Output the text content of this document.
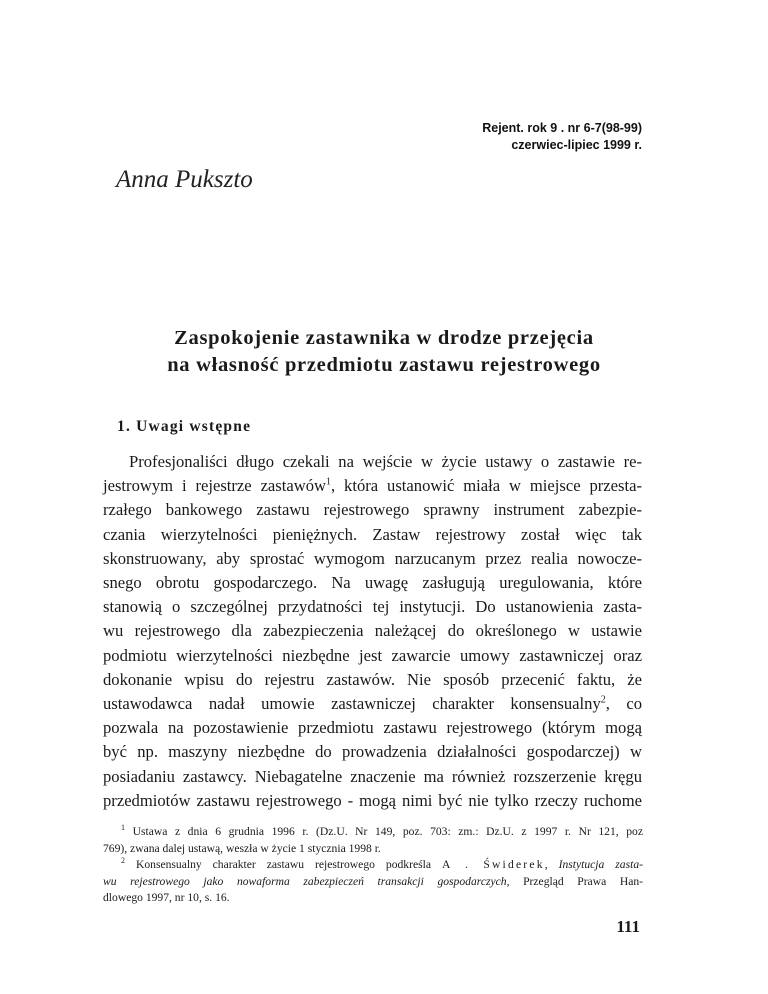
Rejent. rok 9 . nr 6-7(98-99)
czerwiec-lipiec 1999 r.
Anna Pukszto
Zaspokojenie zastawnika w drodze przejęcia
na własność przedmiotu zastawu rejestrowego
1. Uwagi wstępne
Profesjonaliści długo czekali na wejście w życie ustawy o zastawie re-
jestrowym i rejestrze zastawów$^1$, która ustanowić miała w miejsce przesta-
rzałego bankowego zastawu rejestrowego sprawny instrument zabezpie-
czania wierzytelności pieniężnych. Zastaw rejestrowy został więc tak
skonstruowany, aby sprostać wymogom narzucanym przez realia nowocze-
snego obrotu gospodarczego. Na uwagę zasługują uregulowania, które
stanowią o szczególnej przydatności tej instytucji. Do ustanowienia zasta-
wu rejestrowego dla zabezpieczenia należącej do określonego w ustawie
podmiotu wierzytelności niezbędne jest zawarcie umowy zastawniczej oraz
dokonanie wpisu do rejestru zastawów. Nie sposób przecenić faktu, że
ustawodawca nadał umowie zastawniczej charakter konsensualny$^2$, co
pozwala na pozostawienie przedmiotu zastawu rejestrowego (którym mogą
być np. maszyny niezbędne do prowadzenia działalności gospodarczej) w
posiadaniu zastawcy. Niebagatelne znaczenie ma również rozszerzenie kręgu
przedmiotów zastawu rejestrowego - mogą nimi być nie tylko rzeczy ruchome
$^1$ Ustawa z dnia 6 grudnia 1996 r. (Dz.U. Nr 149, poz. 703: zm.: Dz.U. z 1997 r. Nr 121, poz
769), zwana dalej ustawą, weszła w życie 1 stycznia 1998 r.
$^2$ Konsensualny charakter zastawu rejestrowego podkreśla A . Świderek, Instytucja zasta-
wu rejestrowego jako nowaforma zabezpieczeń transakcji gospodarczych, Przegląd Prawa Han-
dlowego 1997, nr 10, s. 16.
111
